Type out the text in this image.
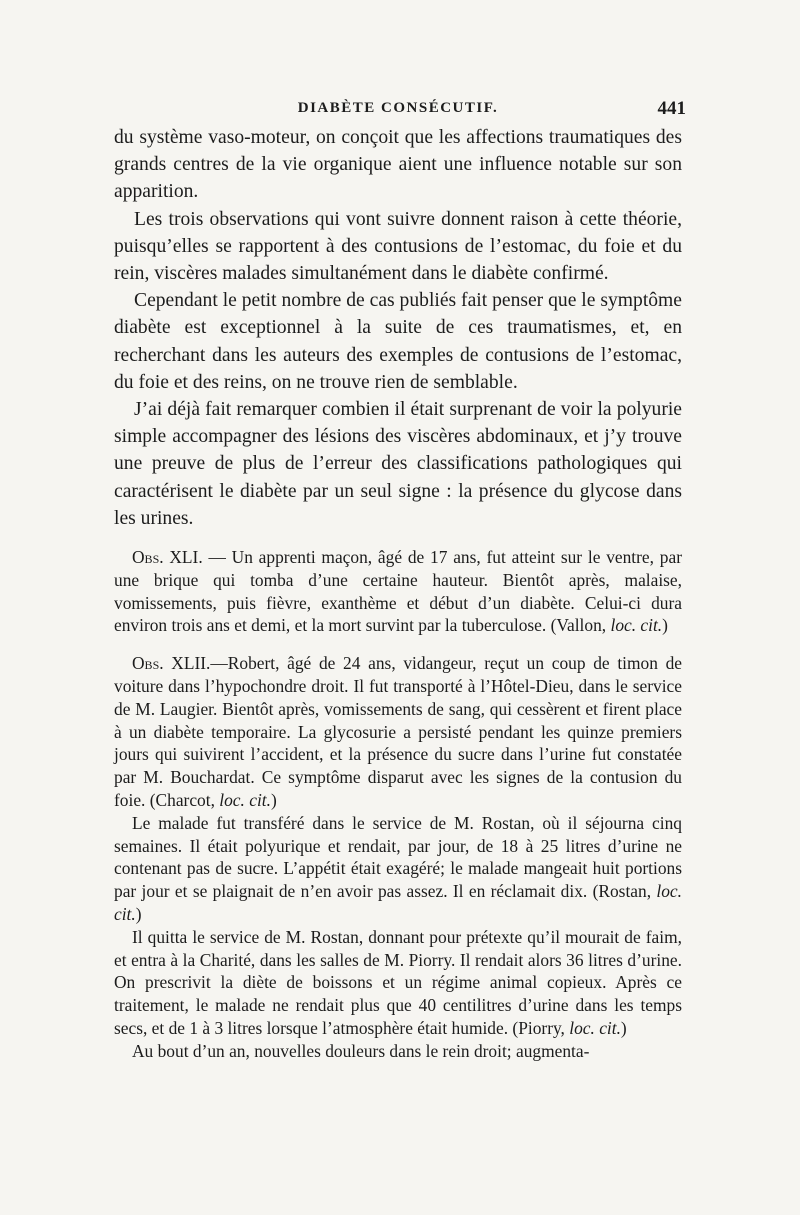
DIABÈTE CONSÉCUTIF.	441

du système vaso-moteur, on conçoit que les affections traumatiques des grands centres de la vie organique aient une influence notable sur son apparition.

Les trois observations qui vont suivre donnent raison à cette théorie, puisqu’elles se rapportent à des contusions de l’estomac, du foie et du rein, viscères malades simultanément dans le diabète confirmé.

Cependant le petit nombre de cas publiés fait penser que le symptôme diabète est exceptionnel à la suite de ces traumatismes, et, en recherchant dans les auteurs des exemples de contusions de l’estomac, du foie et des reins, on ne trouve rien de semblable.

J’ai déjà fait remarquer combien il était surprenant de voir la polyurie simple accompagner des lésions des viscères abdominaux, et j’y trouve une preuve de plus de l’erreur des classifications pathologiques qui caractérisent le diabète par un seul signe : la présence du glycose dans les urines.

Obs. XLI. — Un apprenti maçon, âgé de 17 ans, fut atteint sur le ventre, par une brique qui tomba d’une certaine hauteur. Bientôt après, malaise, vomissements, puis fièvre, exanthème et début d’un diabète. Celui-ci dura environ trois ans et demi, et la mort survint par la tuberculose. (Vallon, loc. cit.)

Obs. XLII.—Robert, âgé de 24 ans, vidangeur, reçut un coup de timon de voiture dans l’hypochondre droit. Il fut transporté à l’Hôtel-Dieu, dans le service de M. Laugier. Bientôt après, vomissements de sang, qui cessèrent et firent place à un diabète temporaire. La glycosurie a persisté pendant les quinze premiers jours qui suivirent l’accident, et la présence du sucre dans l’urine fut constatée par M. Bouchardat. Ce symptôme disparut avec les signes de la contusion du foie. (Charcot, loc. cit.)

Le malade fut transféré dans le service de M. Rostan, où il séjourna cinq semaines. Il était polyurique et rendait, par jour, de 18 à 25 litres d’urine ne contenant pas de sucre. L’appétit était exagéré; le malade mangeait huit portions par jour et se plaignait de n’en avoir pas assez. Il en réclamait dix. (Rostan, loc. cit.)

Il quitta le service de M. Rostan, donnant pour prétexte qu’il mourait de faim, et entra à la Charité, dans les salles de M. Piorry. Il rendait alors 36 litres d’urine. On prescrivit la diète de boissons et un régime animal copieux. Après ce traitement, le malade ne rendait plus que 40 centilitres d’urine dans les temps secs, et de 1 à 3 litres lorsque l’atmosphère était humide. (Piorry, loc. cit.)

Au bout d’un an, nouvelles douleurs dans le rein droit; augmenta-
